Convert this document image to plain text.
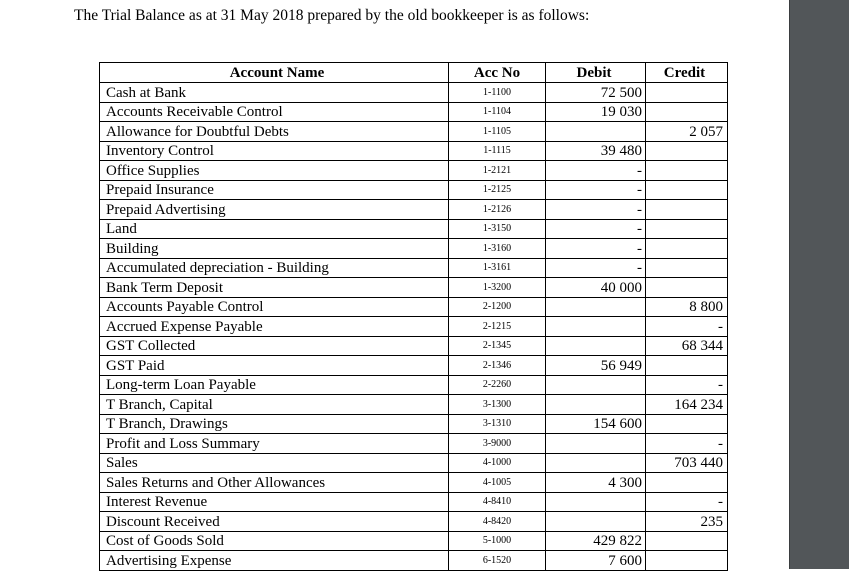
The Trial Balance as at 31 May 2018 prepared by the old bookkeeper is as follows:
Account Name	Acc No	Debit	Credit
Cash at Bank	1-1100	72 500	
Accounts Receivable Control	1-1104	19 030	
Allowance for Doubtful Debts	1-1105		2 057
Inventory Control	1-1115	39 480	
Office Supplies	1-2121	-	
Prepaid Insurance	1-2125	-	
Prepaid Advertising	1-2126	-	
Land	1-3150	-	
Building	1-3160	-	
Accumulated depreciation - Building	1-3161	-	
Bank Term Deposit	1-3200	40 000	
Accounts Payable Control	2-1200		8 800
Accrued Expense Payable	2-1215		-
GST Collected	2-1345		68 344
GST Paid	2-1346	56 949	
Long-term Loan Payable	2-2260		-
T Branch, Capital	3-1300		164 234
T Branch, Drawings	3-1310	154 600	
Profit and Loss Summary	3-9000		-
Sales	4-1000		703 440
Sales Returns and Other Allowances	4-1005	4 300	
Interest Revenue	4-8410		-
Discount Received	4-8420		235
Cost of Goods Sold	5-1000	429 822	
Advertising Expense	6-1520	7 600	
